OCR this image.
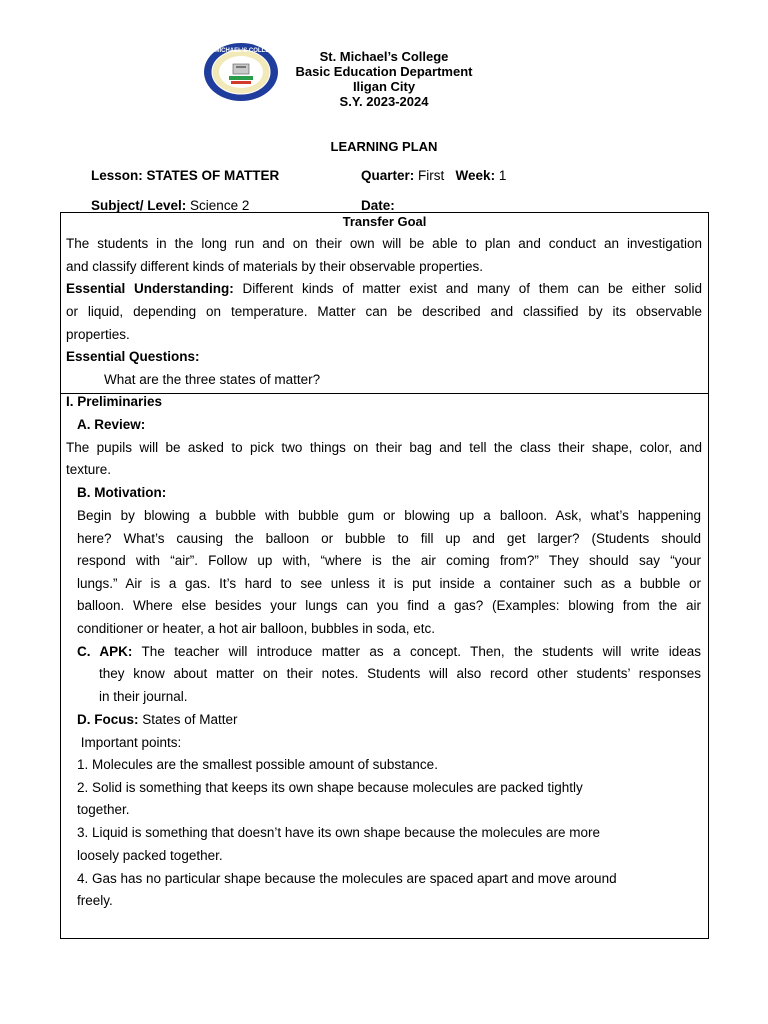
ST. MICHAEL'S COLLEGE	St. Michael’s College
Basic Education Department
Iligan City
S.Y. 2023-2024
LEARNING PLAN
Lesson: STATES OF MATTER	Quarter: First Week: 1
Subject/ Level: Science 2	Date:
Transfer Goal
The students in the long run and on their own will be able to plan and conduct an investigation
and classify different kinds of materials by their observable properties.
Essential Understanding: Different kinds of matter exist and many of them can be either solid
or liquid, depending on temperature. Matter can be described and classified by its observable
properties.
Essential Questions:
What are the three states of matter?
I. Preliminaries
A. Review:
The pupils will be asked to pick two things on their bag and tell the class their shape, color, and
texture.
B. Motivation:
Begin by blowing a bubble with bubble gum or blowing up a balloon. Ask, what’s happening
here? What’s causing the balloon or bubble to fill up and get larger? (Students should
respond with “air”. Follow up with, “where is the air coming from?” They should say “your
lungs.” Air is a gas. It’s hard to see unless it is put inside a container such as a bubble or
balloon. Where else besides your lungs can you find a gas? (Examples: blowing from the air
conditioner or heater, a hot air balloon, bubbles in soda, etc.
C. APK: The teacher will introduce matter as a concept. Then, the students will write ideas
they know about matter on their notes. Students will also record other students’ responses
in their journal.
D. Focus: States of Matter
Important points:
1. Molecules are the smallest possible amount of substance.
2. Solid is something that keeps its own shape because molecules are packed tightly
together.
3. Liquid is something that doesn’t have its own shape because the molecules are more
loosely packed together.
4. Gas has no particular shape because the molecules are spaced apart and move around
freely.
